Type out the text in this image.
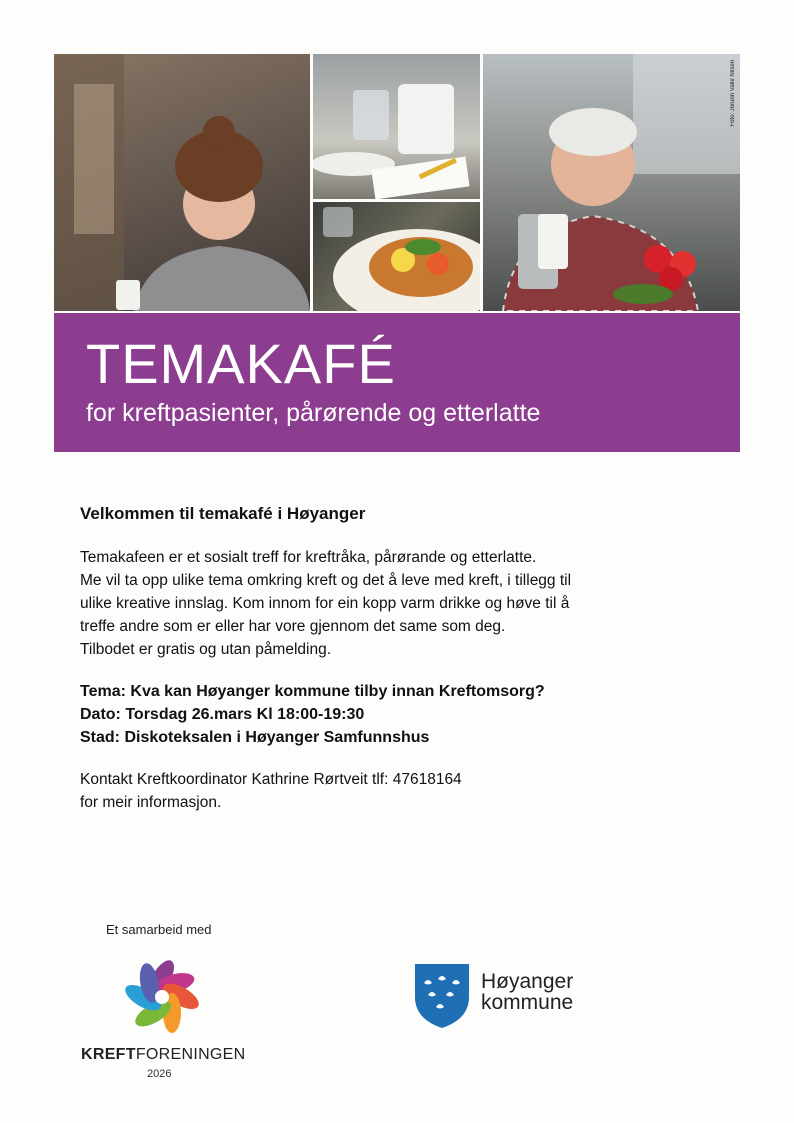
Foto: Jorunn Valle Nilsen
TEMAKAFÉ
for kreftpasienter, pårørende og etterlatte
Velkommen til temakafé i Høyanger

Temakafeen er et sosialt treff for kreftråka, pårørande og etterlatte.

Me vil ta opp ulike tema omkring kreft og det å leve med kreft, i tillegg til

ulike kreative innslag. Kom innom for ein kopp varm drikke og høve til å

treffe andre som er eller har vore gjennom det same som deg.

Tilbodet er gratis og utan påmelding.

Tema: Kva kan Høyanger kommune tilby innan Kreftomsorg?

Dato: Torsdag 26.mars Kl 18:00-19:30

Stad: Diskoteksalen i Høyanger Samfunnshus

Kontakt Kreftkoordinator Kathrine Rørtveit tlf: 47618164

for meir informasjon.

Et samarbeid med
KREFTFORENINGEN
2026
Høyanger
kommune
